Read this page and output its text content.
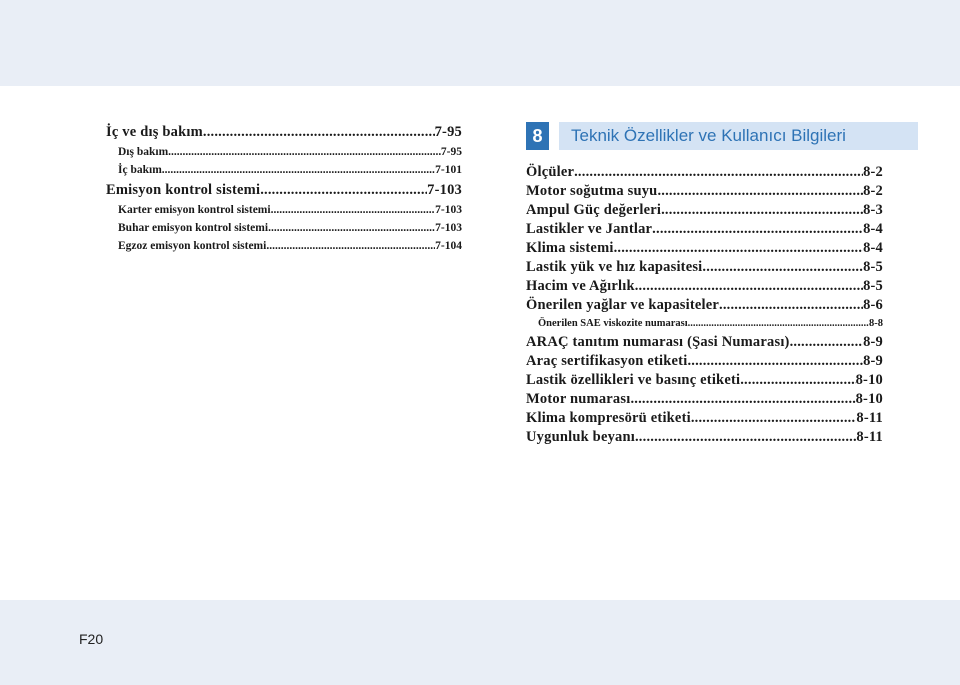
İç ve dış bakım .....	7-95
Dış bakım .....	7-95
İç bakım .....	7-101
Emisyon kontrol sistemi .....	7-103
Karter emisyon kontrol sistemi .....	7-103
Buhar emisyon kontrol sistemi .....	7-103
Egzoz emisyon kontrol sistemi .....	7-104
8	Teknik Özellikler ve Kullanıcı Bilgileri
Ölçüler .....	8-2
Motor soğutma suyu .....	8-2
Ampul Güç değerleri .....	8-3
Lastikler ve Jantlar .....	8-4
Klima sistemi .....	8-4
Lastik yük ve hız kapasitesi .....	8-5
Hacim ve Ağırlık .....	8-5
Önerilen yağlar ve kapasiteler .....	8-6
Önerilen SAE viskozite numarası .....	8-8
ARAÇ tanıtım numarası (Şasi Numarası) .....	8-9
Araç sertifikasyon etiketi .....	8-9
Lastik özellikleri ve basınç etiketi .....	8-10
Motor numarası .....	8-10
Klima kompresörü etiketi .....	8-11
Uygunluk beyanı .....	8-11
F20
